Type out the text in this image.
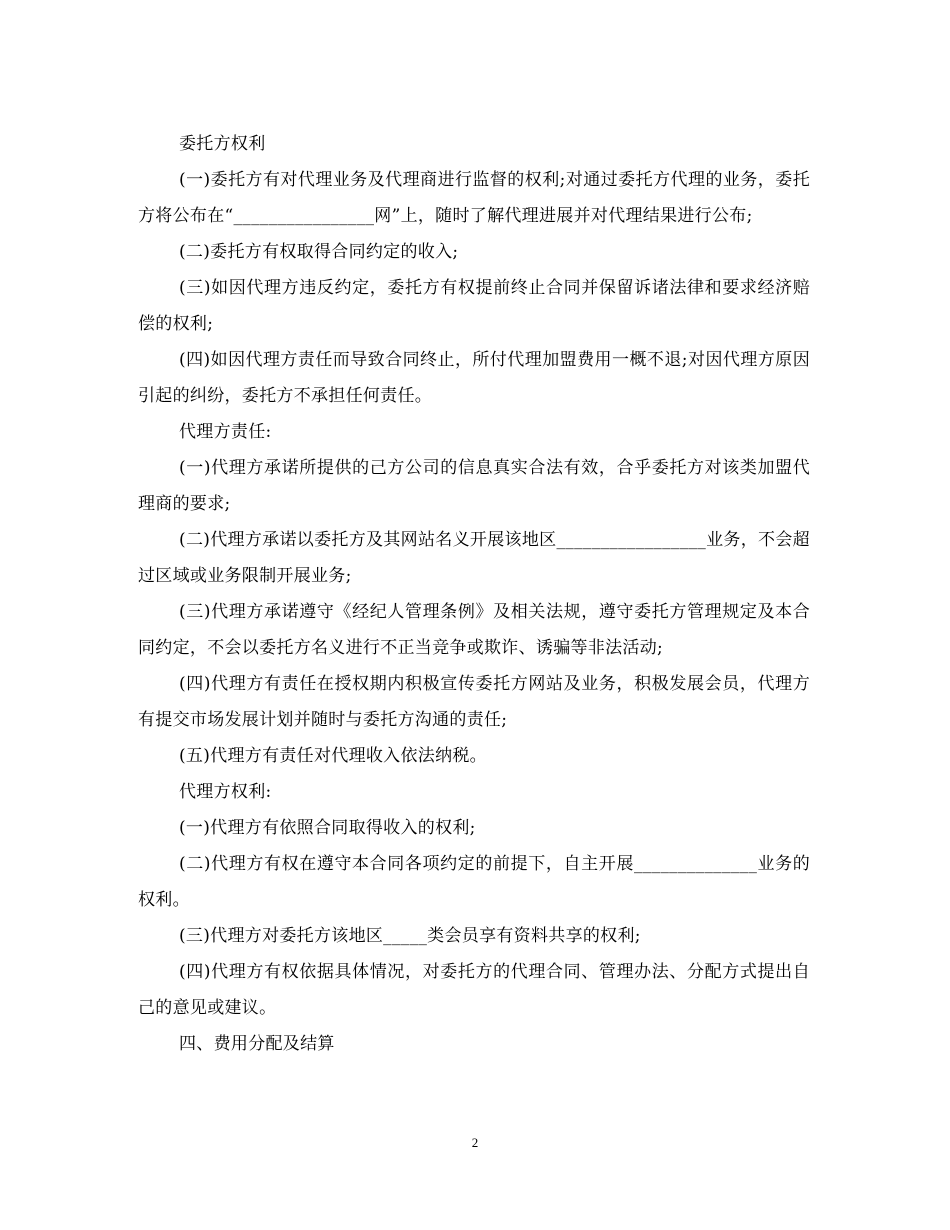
委托方权利

(一)委托方有对代理业务及代理商进行监督的权利;对通过委托方代理的业务，委托方将公布在“________________网”上，随时了解代理进展并对代理结果进行公布;

(二)委托方有权取得合同约定的收入;

(三)如因代理方违反约定，委托方有权提前终止合同并保留诉诸法律和要求经济赔偿的权利;

(四)如因代理方责任而导致合同终止，所付代理加盟费用一概不退;对因代理方原因引起的纠纷，委托方不承担任何责任。

代理方责任:

(一)代理方承诺所提供的己方公司的信息真实合法有效，合乎委托方对该类加盟代理商的要求;

(二)代理方承诺以委托方及其网站名义开展该地区_________________业务，不会超过区域或业务限制开展业务;

(三)代理方承诺遵守《经纪人管理条例》及相关法规，遵守委托方管理规定及本合同约定，不会以委托方名义进行不正当竞争或欺诈、诱骗等非法活动;

(四)代理方有责任在授权期内积极宣传委托方网站及业务，积极发展会员，代理方有提交市场发展计划并随时与委托方沟通的责任;

(五)代理方有责任对代理收入依法纳税。

代理方权利:

(一)代理方有依照合同取得收入的权利;

(二)代理方有权在遵守本合同各项约定的前提下，自主开展______________业务的权利。

(三)代理方对委托方该地区_____类会员享有资料共享的权利;

(四)代理方有权依据具体情况，对委托方的代理合同、管理办法、分配方式提出自己的意见或建议。

四、费用分配及结算

2
